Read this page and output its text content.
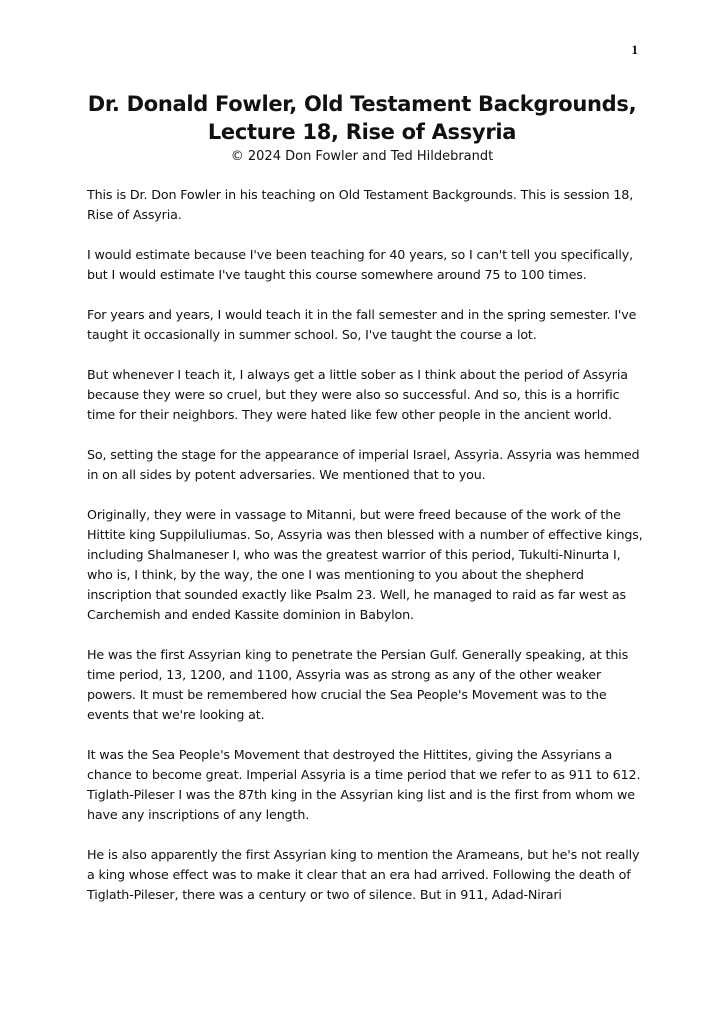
1
Dr. Donald Fowler, Old Testament Backgrounds,
Lecture 18, Rise of Assyria
© 2024 Don Fowler and Ted Hildebrandt

This is Dr. Don Fowler in his teaching on Old Testament Backgrounds. This is session 18, Rise of Assyria.

I would estimate because I've been teaching for 40 years, so I can't tell you specifically, but I would estimate I've taught this course somewhere around 75 to 100 times.

For years and years, I would teach it in the fall semester and in the spring semester. I've taught it occasionally in summer school. So, I've taught the course a lot.

But whenever I teach it, I always get a little sober as I think about the period of Assyria because they were so cruel, but they were also so successful. And so, this is a horrific time for their neighbors. They were hated like few other people in the ancient world.

So, setting the stage for the appearance of imperial Israel, Assyria. Assyria was hemmed in on all sides by potent adversaries. We mentioned that to you.

Originally, they were in vassage to Mitanni, but were freed because of the work of the Hittite king Suppiluliumas. So, Assyria was then blessed with a number of effective kings, including Shalmaneser I, who was the greatest warrior of this period, Tukulti-Ninurta I, who is, I think, by the way, the one I was mentioning to you about the shepherd inscription that sounded exactly like Psalm 23. Well, he managed to raid as far west as Carchemish and ended Kassite dominion in Babylon.

He was the first Assyrian king to penetrate the Persian Gulf. Generally speaking, at this time period, 13, 1200, and 1100, Assyria was as strong as any of the other weaker powers. It must be remembered how crucial the Sea People's Movement was to the events that we're looking at.

It was the Sea People's Movement that destroyed the Hittites, giving the Assyrians a chance to become great. Imperial Assyria is a time period that we refer to as 911 to 612. Tiglath-Pileser I was the 87th king in the Assyrian king list and is the first from whom we have any inscriptions of any length.

He is also apparently the first Assyrian king to mention the Arameans, but he's not really a king whose effect was to make it clear that an era had arrived. Following the death of Tiglath-Pileser, there was a century or two of silence. But in 911, Adad-Nirari
